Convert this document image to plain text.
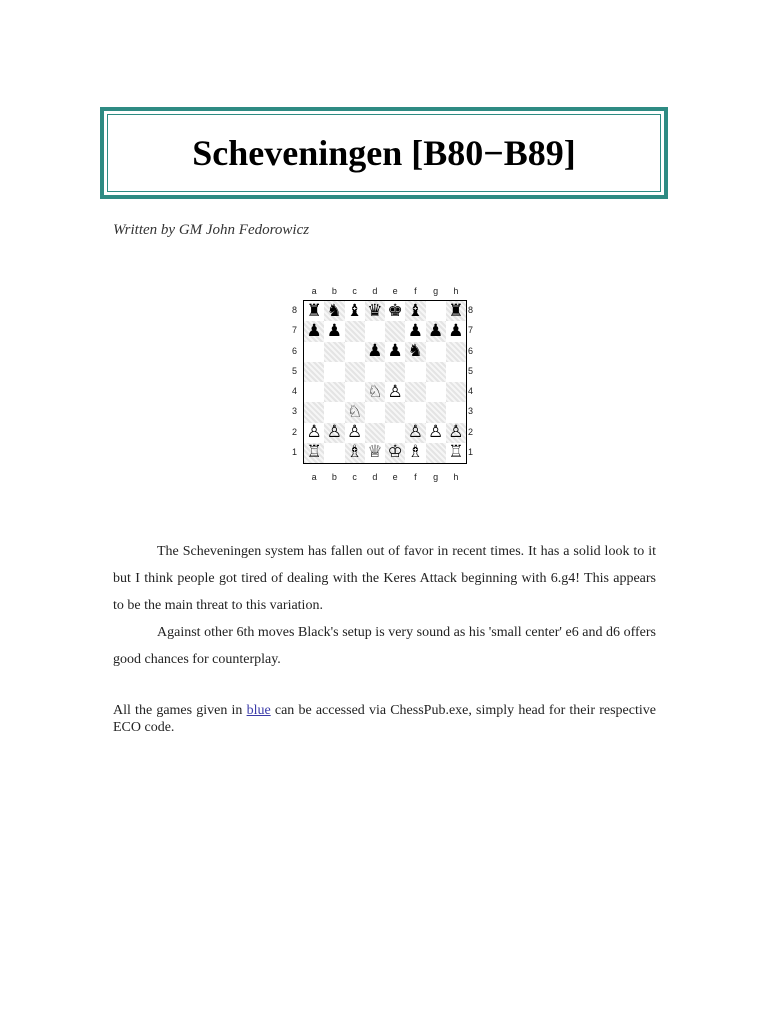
Scheveningen [B80−B89]
Written by GM John Fedorowicz
a	b	c	d	e	f	g	h
8
7
6
5
4
3
2
1
♜ ♞ ♝ ♛ ♚ ♝ ♜
♟ ♟	♟ ♟ ♟
♟ ♟ ♞
♘ ♙
♘
♙ ♙ ♙	♙ ♙ ♙
♖ ♗ ♕ ♔ ♗ ♖
8
7
6
5
4
3
2
1
a	b	c	d	e	f	g	h

The Scheveningen system has fallen out of favor in recent times. It has a solid look to it but I think people got tired of dealing with the Keres Attack beginning with 6.g4! This appears to be the main threat to this variation.

Against other 6th moves Black's setup is very sound as his 'small center' e6 and d6 offers good chances for counterplay.

All the games given in blue can be accessed via ChessPub.exe, simply head for their respective ECO code.
